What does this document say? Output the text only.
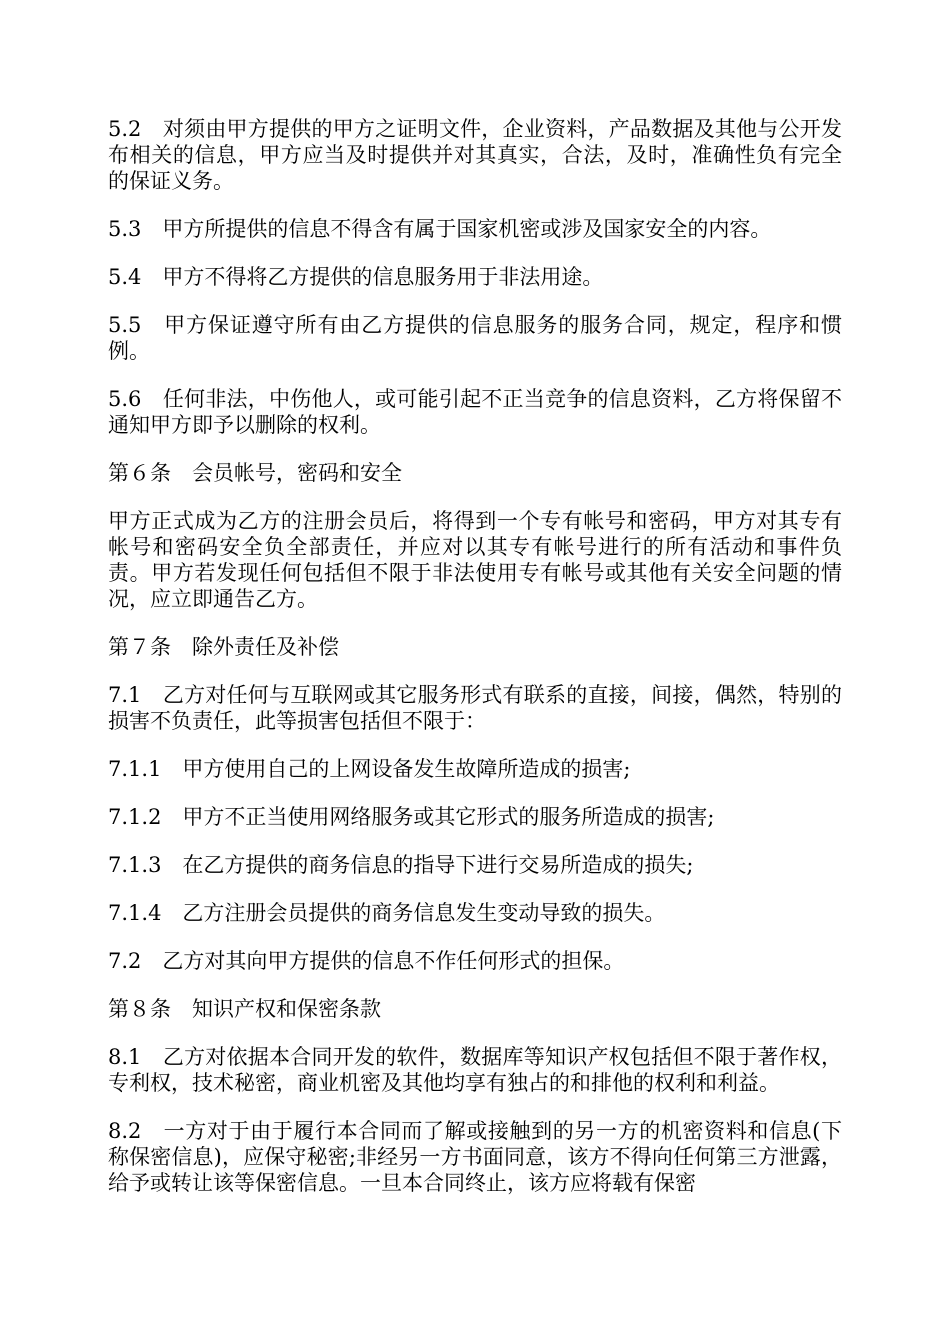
5.2　对须由甲方提供的甲方之证明文件，企业资料，产品数据及其他与公开发布相关的信息，甲方应当及时提供并对其真实，合法，及时，准确性负有完全的保证义务。

5.3　甲方所提供的信息不得含有属于国家机密或涉及国家安全的内容。

5.4　甲方不得将乙方提供的信息服务用于非法用途。

5.5　甲方保证遵守所有由乙方提供的信息服务的服务合同，规定，程序和惯例。

5.6　任何非法，中伤他人，或可能引起不正当竞争的信息资料，乙方将保留不通知甲方即予以删除的权利。

第６条　会员帐号，密码和安全

甲方正式成为乙方的注册会员后，将得到一个专有帐号和密码，甲方对其专有帐号和密码安全负全部责任，并应对以其专有帐号进行的所有活动和事件负责。甲方若发现任何包括但不限于非法使用专有帐号或其他有关安全问题的情况，应立即通告乙方。

第７条　除外责任及补偿

7.1　乙方对任何与互联网或其它服务形式有联系的直接，间接，偶然，特别的损害不负责任，此等损害包括但不限于：

7.1.1　甲方使用自己的上网设备发生故障所造成的损害;

7.1.2　甲方不正当使用网络服务或其它形式的服务所造成的损害;

7.1.3　在乙方提供的商务信息的指导下进行交易所造成的损失;

7.1.4　乙方注册会员提供的商务信息发生变动导致的损失。

7.2　乙方对其向甲方提供的信息不作任何形式的担保。

第８条　知识产权和保密条款

8.1　乙方对依据本合同开发的软件，数据库等知识产权包括但不限于著作权，专利权，技术秘密，商业机密及其他均享有独占的和排他的权利和利益。

8.2　一方对于由于履行本合同而了解或接触到的另一方的机密资料和信息(下称保密信息)，应保守秘密;非经另一方书面同意，该方不得向任何第三方泄露，给予或转让该等保密信息。一旦本合同终止，该方应将载有保密
